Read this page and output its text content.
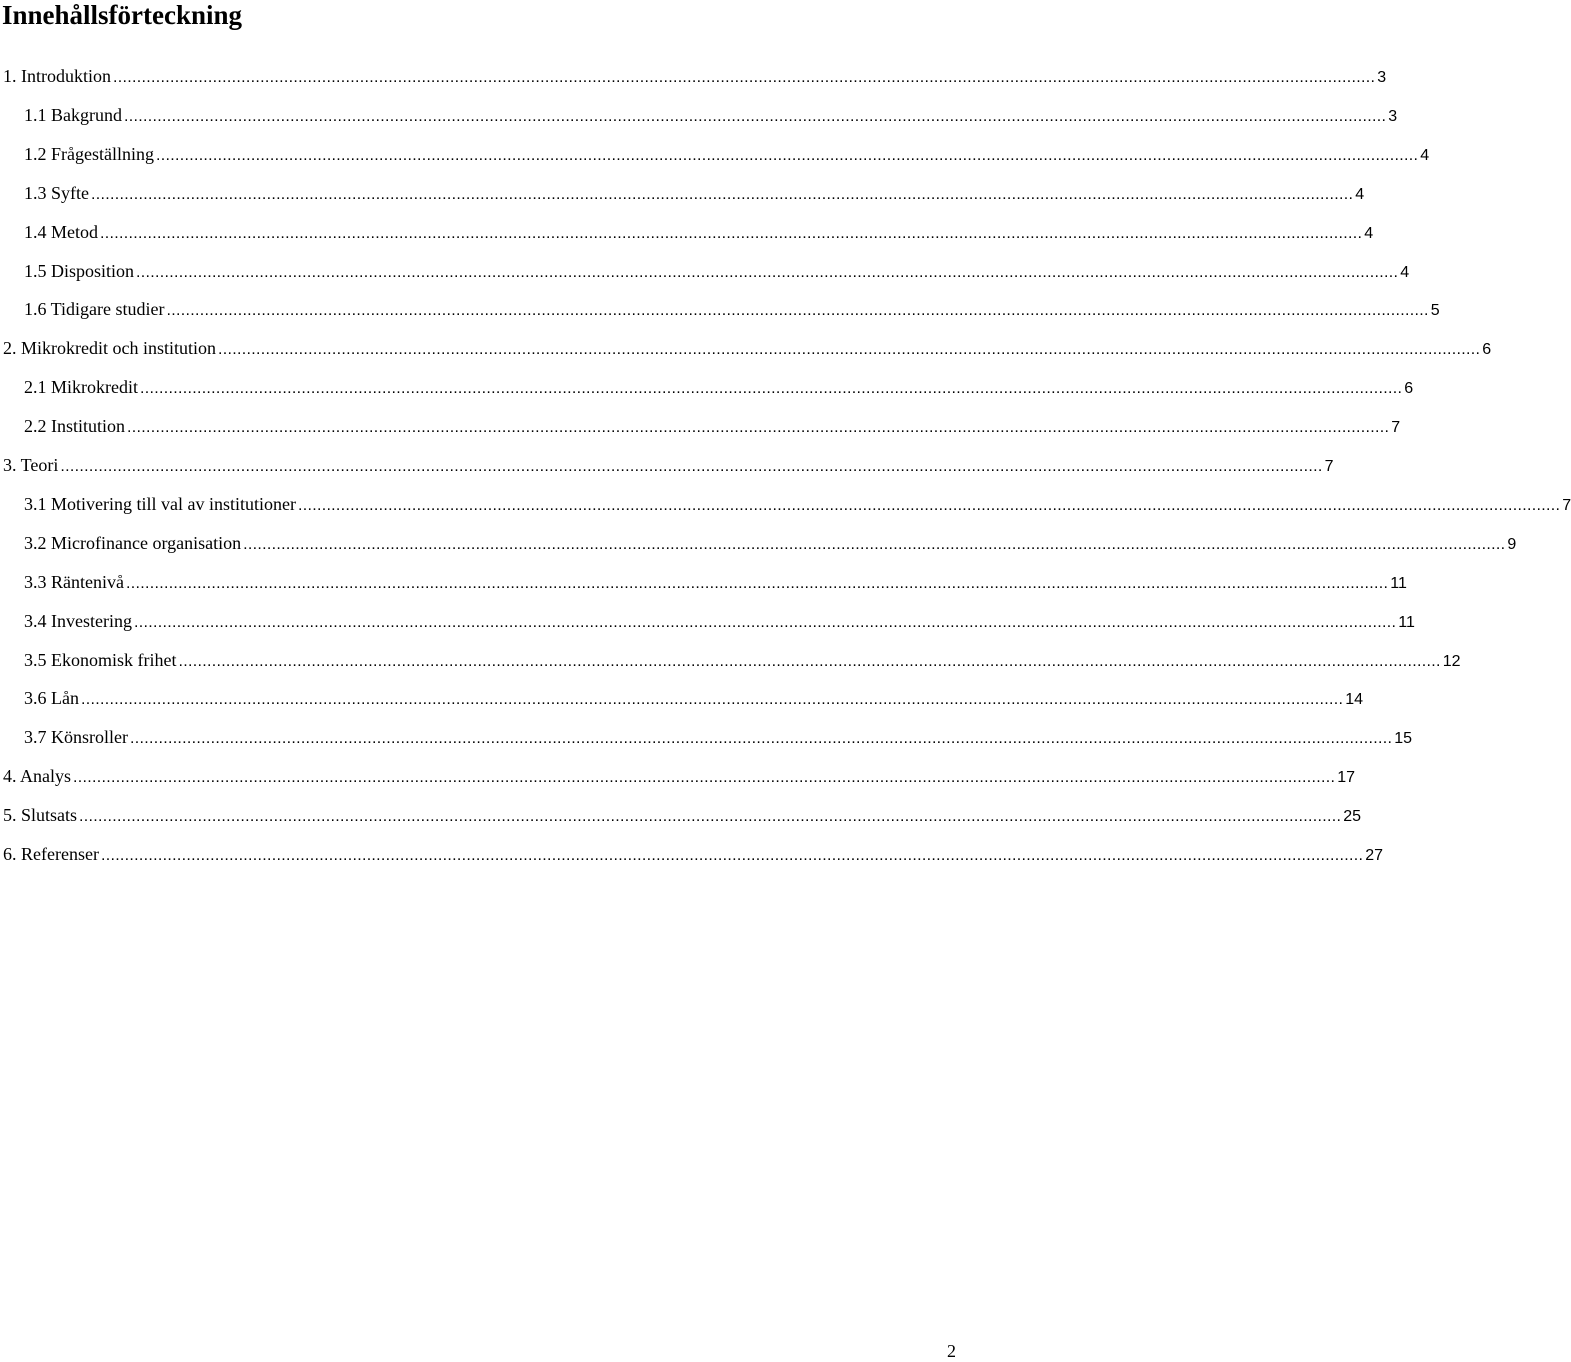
Innehållsförteckning
1. Introduktion .......................................................................................................................................................................................................................................................................... 3
1.1 Bakgrund .......................................................................................................................................................................................................................................................................... 3
1.2 Frågeställning .......................................................................................................................................................................................................................................................................... 4
1.3 Syfte .......................................................................................................................................................................................................................................................................... 4
1.4 Metod .......................................................................................................................................................................................................................................................................... 4
1.5 Disposition .......................................................................................................................................................................................................................................................................... 4
1.6 Tidigare studier .......................................................................................................................................................................................................................................................................... 5
2. Mikrokredit och institution .......................................................................................................................................................................................................................................................................... 6
2.1 Mikrokredit .......................................................................................................................................................................................................................................................................... 6
2.2 Institution .......................................................................................................................................................................................................................................................................... 7
3. Teori .......................................................................................................................................................................................................................................................................... 7
3.1 Motivering till val av institutioner .......................................................................................................................................................................................................................................................................... 7
3.2 Microfinance organisation .......................................................................................................................................................................................................................................................................... 9
3.3 Räntenivå .......................................................................................................................................................................................................................................................................... 11
3.4 Investering .......................................................................................................................................................................................................................................................................... 11
3.5 Ekonomisk frihet .......................................................................................................................................................................................................................................................................... 12
3.6 Lån .......................................................................................................................................................................................................................................................................... 14
3.7 Könsroller .......................................................................................................................................................................................................................................................................... 15
4. Analys .......................................................................................................................................................................................................................................................................... 17
5. Slutsats .......................................................................................................................................................................................................................................................................... 25
6. Referenser .......................................................................................................................................................................................................................................................................... 27
2
